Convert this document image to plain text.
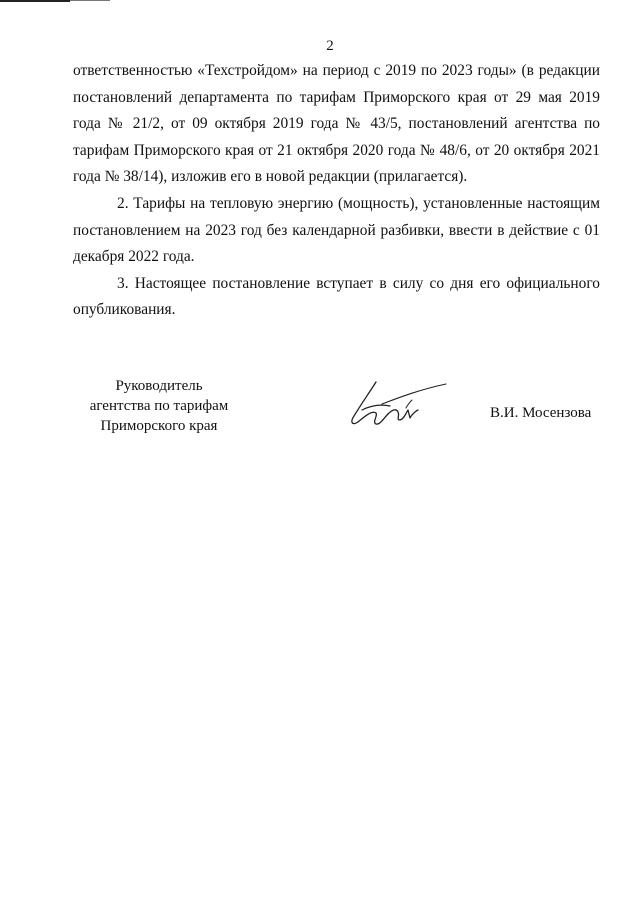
2

ответственностью «Техстройдом» на период с 2019 по 2023 годы» (в редакции постановлений департамента по тарифам Приморского края от 29 мая 2019 года № 21/2, от 09 октября 2019 года № 43/5, постановлений агентства по тарифам Приморского края от 21 октября 2020 года № 48/6, от 20 октября 2021 года № 38/14), изложив его в новой редакции (прилагается).

2. Тарифы на тепловую энергию (мощность), установленные настоящим постановлением на 2023 год без календарной разбивки, ввести в действие с 01 декабря 2022 года.

3. Настоящее постановление вступает в силу со дня его официального опубликования.

Руководитель
агентства по тарифам
Приморского края
В.И. Мосензова
